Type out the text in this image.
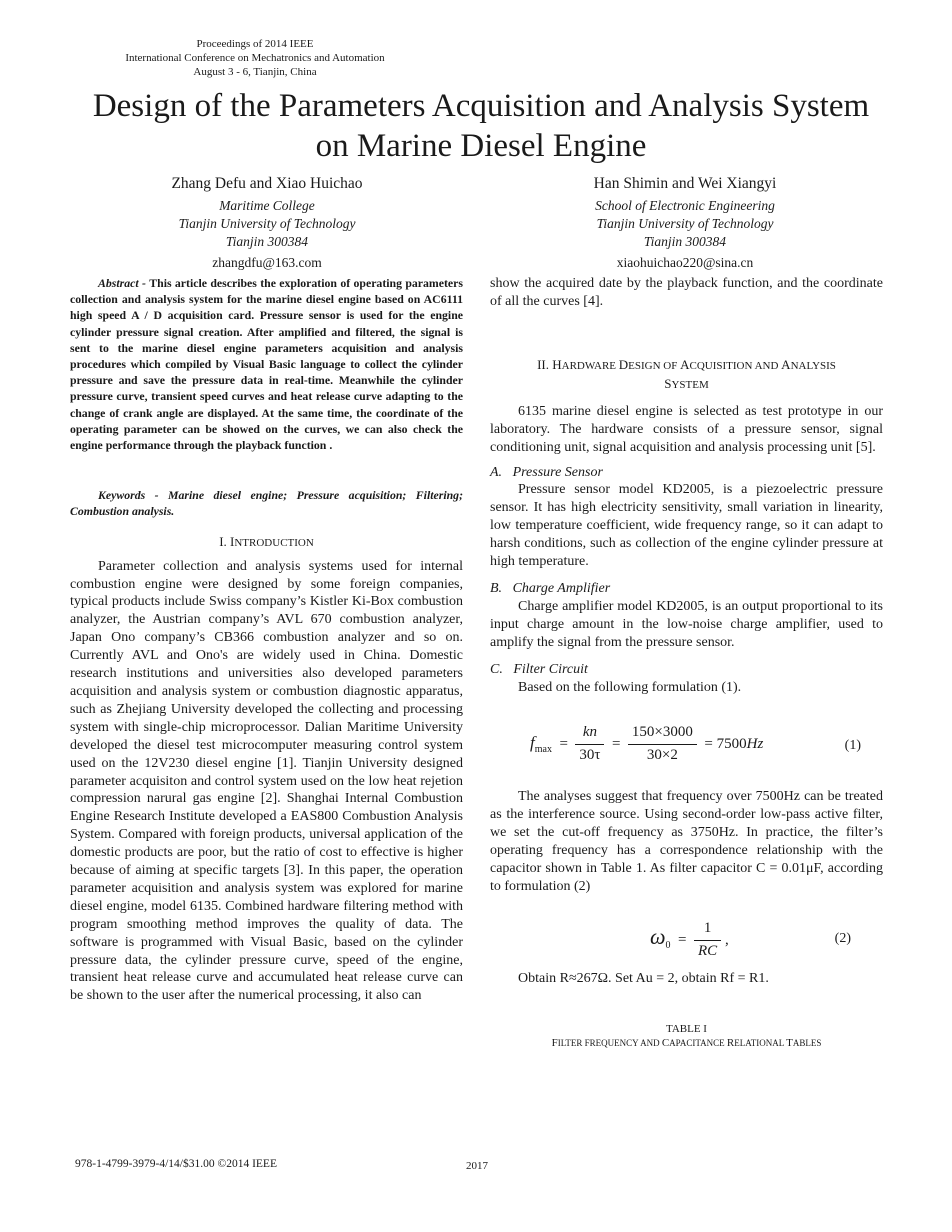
Proceedings of 2014 IEEE
International Conference on Mechatronics and Automation
August 3 - 6, Tianjin, China
Design of the Parameters Acquisition and Analysis System
on Marine Diesel Engine
Zhang Defu and Xiao Huichao
Maritime College
Tianjin University of Technology
Tianjin 300384
zhangdfu@163.com
Han Shimin and Wei Xiangyi
School of Electronic Engineering
Tianjin University of Technology
Tianjin 300384
xiaohuichao220@sina.cn

Abstract - This article describes the exploration of operating parameters collection and analysis system for the marine diesel engine based on AC6111 high speed A / D acquisition card. Pressure sensor is used for the engine cylinder pressure signal creation. After amplified and filtered, the signal is sent to the marine diesel engine parameters acquisition and analysis procedures which compiled by Visual Basic language to collect the cylinder pressure and save the pressure data in real-time. Meanwhile the cylinder pressure curve, transient speed curves and heat release curve adapting to the change of crank angle are displayed. At the same time, the coordinate of the operating parameter can be showed on the curves, we can also check the engine performance through the playback function .

Keywords - Marine diesel engine; Pressure acquisition; Filtering; Combustion analysis.

I. INTRODUCTION

Parameter collection and analysis systems used for internal combustion engine were designed by some foreign companies, typical products include Swiss company’s Kistler Ki-Box combustion analyzer, the Austrian company’s AVL 670 combustion analyzer, Japan Ono company’s CB366 combustion analyzer and so on. Currently AVL and Ono's are widely used in China. Domestic research institutions and universities also developed parameters acquisition and analysis system or combustion diagnostic apparatus, such as Zhejiang University developed the collecting and processing system with single-chip microprocessor. Dalian Maritime University developed the diesel test microcomputer measuring control system used on the 12V230 diesel engine [1]. Tianjin University designed parameter acquisiton and control system used on the low heat rejetion compression narural gas engine [2]. Shanghai Internal Combustion Engine Research Institute developed a EAS800 Combustion Analysis System. Compared with foreign products, universal application of the domestic products are poor, but the ratio of cost to effective is higher because of aiming at specific targets [3]. In this paper, the operation parameter acquisition and analysis system was explored for marine diesel engine, model 6135. Combined hardware filtering method with program smoothing method improves the quality of data. The software is programmed with Visual Basic, based on the cylinder pressure data, the cylinder pressure curve, speed of the engine, transient heat release curve and accumulated heat release curve can be shown to the user after the numerical processing, it also can

show the acquired date by the playback function, and the coordinate of all the curves [4].

II. HARDWARE DESIGN OF ACQUISITION AND ANALYSIS
SYSTEM

6135 marine diesel engine is selected as test prototype in our laboratory. The hardware consists of a pressure sensor, signal conditioning unit, signal acquisition and analysis processing unit [5].

A. Pressure Sensor

Pressure sensor model KD2005, is a piezoelectric pressure sensor. It has high electricity sensitivity, small variation in linearity, low temperature coefficient, wide frequency range, so it can adapt to harsh conditions, such as collection of the engine cylinder pressure at high temperature.

B. Charge Amplifier

Charge amplifier model KD2005, is an output proportional to its input charge amount in the low-noise charge amplifier, used to amplify the signal from the pressure sensor.

C. Filter Circuit

Based on the following formulation (1).

$f_{max} = \frac{kn}{30\tau} = \frac{150\times 3000}{30\times 2} = 7500Hz$	(1)

The analyses suggest that frequency over 7500Hz can be treated as the interference source. Using second-order low-pass active filter, we set the cut-off frequency as 3750Hz. In practice, the filter’s operating frequency has a correspondence relationship with the capacitor shown in Table 1. As filter capacitor C = 0.01μF, according to formulation (2)

$\omega_0 = \frac{1}{RC}$ ,	(2)

Obtain R≈267Ω. Set Au = 2, obtain Rf = R1.

TABLE I
FILTER FREQUENCY AND CAPACITANCE RELATIONAL TABLES
978-1-4799-3979-4/14/$31.00 ©2014 IEEE	2017
